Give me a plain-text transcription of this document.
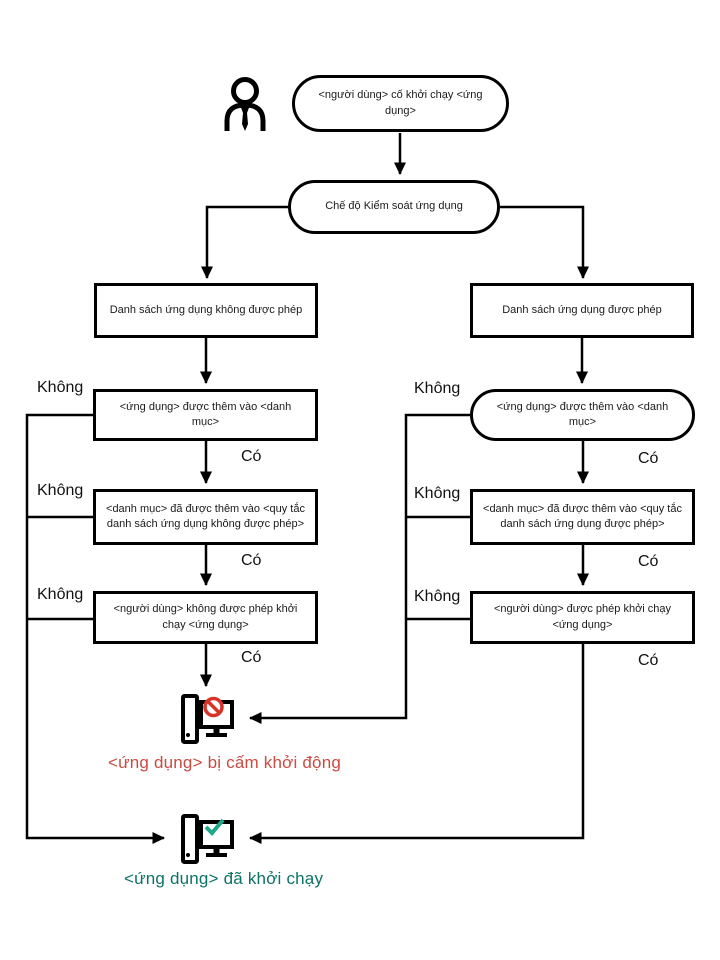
<người dùng> cố khởi chạy <ứng dụng>
Chế độ Kiểm soát ứng dụng
Danh sách ứng dụng không được phép	Danh sách ứng dụng được phép
<ứng dụng> được thêm vào <danh mục>
<ứng dụng> được thêm vào <danh mục>
<danh mục> đã được thêm vào <quy tắc danh sách ứng dụng không được phép>
<danh mục> đã được thêm vào <quy tắc danh sách ứng dụng được phép>
<người dùng> không được phép khởi chạy <ứng dụng>
<người dùng> được phép khởi chạy <ứng dụng>
Không
Không
Không
Có
Có
Có
Không
Không
Không
Có
Có
Có
<ứng dụng> bị cấm khởi động
<ứng dụng> đã khởi chạy
